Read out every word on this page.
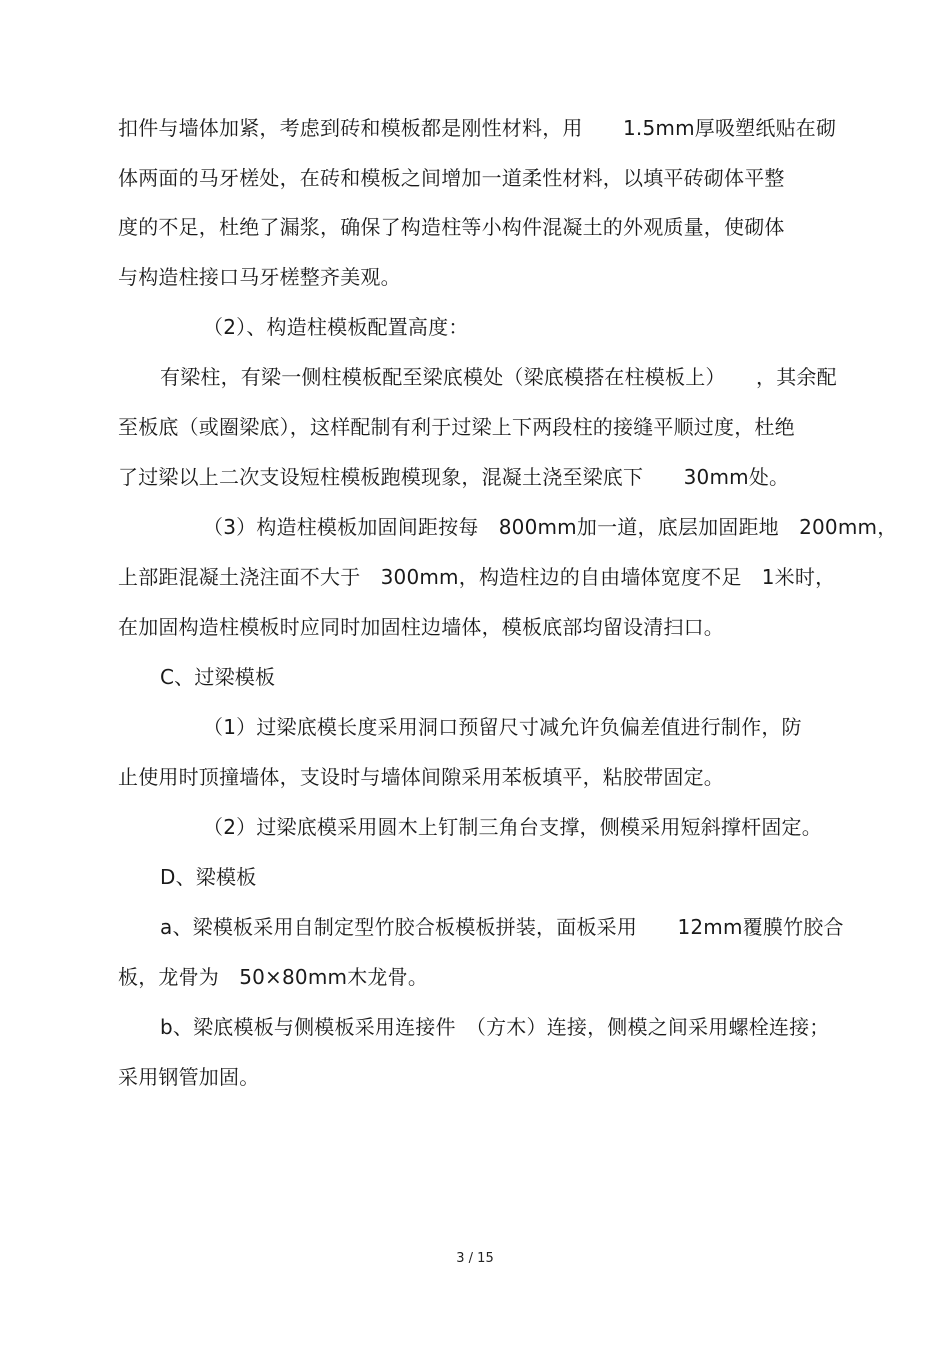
扣件与墙体加紧，考虑到砖和模板都是刚性材料，用　　1.5mm厚吸塑纸贴在砌
体两面的马牙槎处，在砖和模板之间增加一道柔性材料，以填平砖砌体平整
度的不足，杜绝了漏浆，确保了构造柱等小构件混凝土的外观质量，使砌体
与构造柱接口马牙槎整齐美观。
（2）、构造柱模板配置高度：
有梁柱，有梁一侧柱模板配至梁底模处（梁底模搭在柱模板上）　　，其余配
至板底（或圈梁底），这样配制有利于过梁上下两段柱的接缝平顺过度，杜绝
了过梁以上二次支设短柱模板跑模现象，混凝土浇至梁底下　　30mm处。
（3）构造柱模板加固间距按每　800mm加一道，底层加固距地　200mm，
上部距混凝土浇注面不大于　300mm，构造柱边的自由墙体宽度不足　1米时，
在加固构造柱模板时应同时加固柱边墙体，模板底部均留设清扫口。
C、过梁模板
（1）过梁底模长度采用洞口预留尺寸减允许负偏差值进行制作，防
止使用时顶撞墙体，支设时与墙体间隙采用苯板填平，粘胶带固定。
（2）过梁底模采用圆木上钉制三角台支撑，侧模采用短斜撑杆固定。
D、梁模板
a、梁模板采用自制定型竹胶合板模板拼装，面板采用　　12mm覆膜竹胶合
板，龙骨为　50×80mm木龙骨。
b、梁底模板与侧模板采用连接件　（方木）连接，侧模之间采用螺栓连接；
采用钢管加固。
3 / 15
